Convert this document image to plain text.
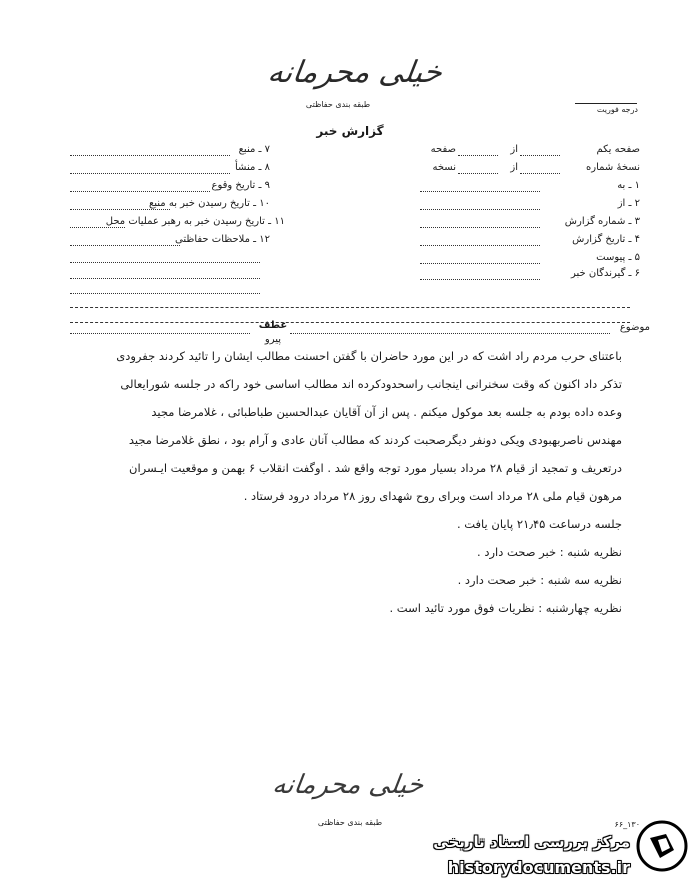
خیلی محرمانه
طبقه بندی حفاظتی
درجه فوریت
گزارش خبر
صفحه یکم
از
صفحه
نسخهٔ شماره
از
نسخه
۱ ـ به
۲ ـ از
۳ ـ شماره گزارش
۴ ـ تاریخ گزارش
۵ ـ پیوست
۶ ـ گیرندگان خبر
۷ ـ منبع
۸ ـ منشأ
۹ ـ تاریخ وقوع
۱۰ ـ تاریخ رسیدن خبر به منبع
۱۱ ـ تاریخ رسیدن خبر به رهبر عملیات محل
۱۲ ـ ملاحظات حفاظتی
موضوع
عطف
پیرو
باعتنای حرب مردم راد اشت که در این مورد حاضران با گفتن احسنت مطالب ایشان را تائید کردند جفرودی
تذکر داد اکنون که وقت سخنرانی اینجانب راسحدودکرده اند مطالب اساسی خود راکه در جلسه شورایعالی
وعده داده بودم به جلسه بعد موکول میکنم . پس از آن آقایان عبدالحسین طباطبائی ، غلامرضا مجید
مهندس ناصربهبودی ویکی دونفر دیگرصحبت کردند که مطالب آنان عادی و آرام بود ، نطق غلامرضا مجید
درتعریف و تمجید از قیام ۲۸ مرداد بسیار مورد توجه واقع شد . اوگفت انقلاب ۶ بهمن و موقعیت ایـسران
مرهون قیام ملی ۲۸ مرداد است وبرای روح شهدای روز ۲۸ مرداد درود فرستاد .
جلسه درساعت ۲۱٫۴۵ پایان یافت .
نظریه شنبه : خبر صحت دارد .
نظریه سه شنبه : خبر صحت دارد .
نظریه چهارشنبه : نظریات فوق مورد تائید است .
خیلی محرمانه
طبقه بندی حفاظتی	۶۶_۱۳۰
مرکز بررسی اسناد تاریخی
historydocuments.ir
